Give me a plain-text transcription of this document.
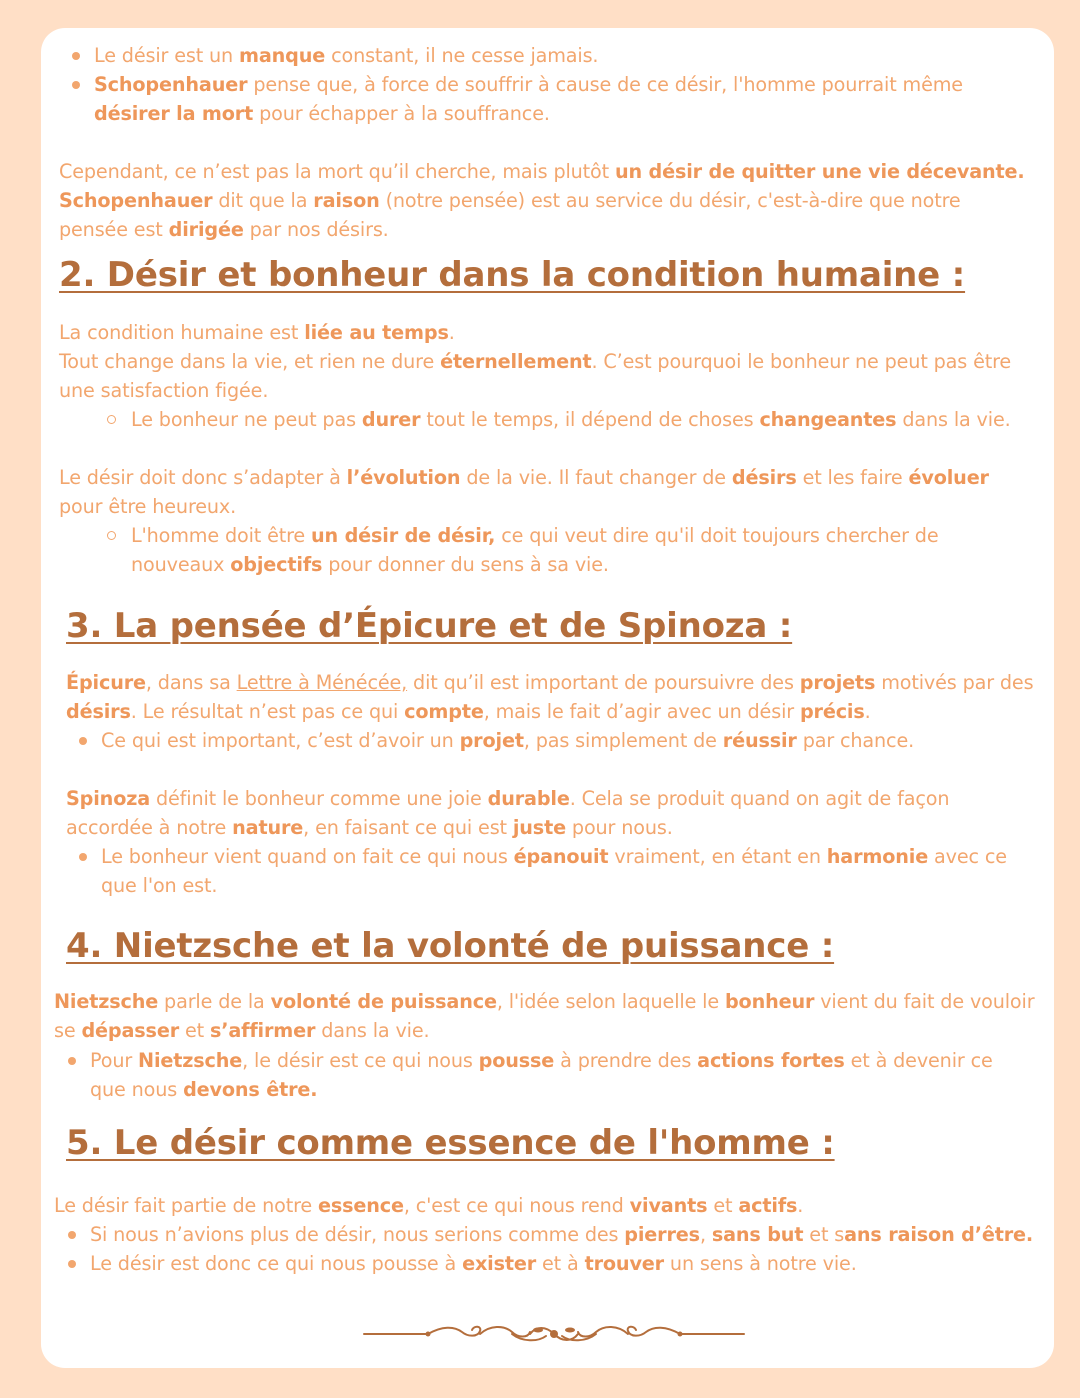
Le désir est un manque constant, il ne cesse jamais.
Schopenhauer pense que, à force de souffrir à cause de ce désir, l'homme pourrait même
désirer la mort pour échapper à la souffrance.

Cependant, ce n’est pas la mort qu’il cherche, mais plutôt un désir de quitter une vie décevante.

Schopenhauer dit que la raison (notre pensée) est au service du désir, c'est-à-dire que notre

pensée est dirigée par nos désirs.

2. Désir et bonheur dans la condition humaine :

La condition humaine est liée au temps.

Tout change dans la vie, et rien ne dure éternellement. C’est pourquoi le bonheur ne peut pas être

une satisfaction figée.

Le bonheur ne peut pas durer tout le temps, il dépend de choses changeantes dans la vie.

Le désir doit donc s’adapter à l’évolution de la vie. Il faut changer de désirs et les faire évoluer

pour être heureux.

L'homme doit être un désir de désir, ce qui veut dire qu'il doit toujours chercher de
nouveaux objectifs pour donner du sens à sa vie.
3. La pensée d’Épicure et de Spinoza :

Épicure, dans sa Lettre à Ménécée, dit qu’il est important de poursuivre des projets motivés par des

désirs. Le résultat n’est pas ce qui compte, mais le fait d’agir avec un désir précis.

Ce qui est important, c’est d’avoir un projet, pas simplement de réussir par chance.

Spinoza définit le bonheur comme une joie durable. Cela se produit quand on agit de façon

accordée à notre nature, en faisant ce qui est juste pour nous.

Le bonheur vient quand on fait ce qui nous épanouit vraiment, en étant en harmonie avec ce
que l'on est.
4. Nietzsche et la volonté de puissance :

Nietzsche parle de la volonté de puissance, l'idée selon laquelle le bonheur vient du fait de vouloir

se dépasser et s’affirmer dans la vie.

Pour Nietzsche, le désir est ce qui nous pousse à prendre des actions fortes et à devenir ce
que nous devons être.
5. Le désir comme essence de l'homme :

Le désir fait partie de notre essence, c'est ce qui nous rend vivants et actifs.

Si nous n’avions plus de désir, nous serions comme des pierres, sans but et sans raison d’être.
Le désir est donc ce qui nous pousse à exister et à trouver un sens à notre vie.
